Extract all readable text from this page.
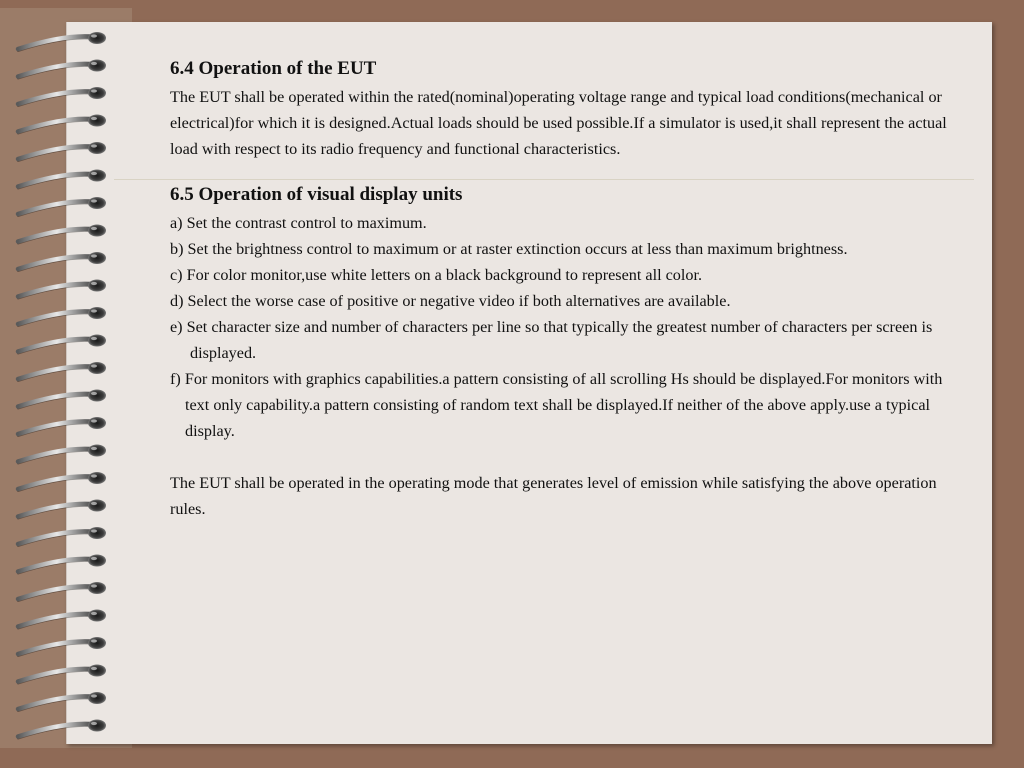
6.4 Operation of the EUT

The EUT shall be operated within the rated(nominal)operating voltage range and typical load conditions(mechanical or electrical)for which it is designed.Actual loads should be used possible.If a simulator is used,it shall represent the actual load with respect to its radio frequency and functional characteristics.

6.5 Operation of visual display units

a) Set the contrast control to maximum.

b) Set the brightness control to maximum or at raster extinction occurs at less than maximum brightness.

c) For color monitor,use white letters on a black background to represent all color.

d) Select the worse case of positive or negative video if both alternatives are available.

e) Set character size and number of characters per line so that typically the greatest number of characters per screen is displayed.

f) For monitors with graphics capabilities.a pattern consisting of all scrolling Hs should be displayed.For monitors with text only capability.a pattern consisting of random text shall be displayed.If neither of the above apply.use a typical display.

The EUT shall be operated in the operating mode that generates level of emission while satisfying the above operation rules.
